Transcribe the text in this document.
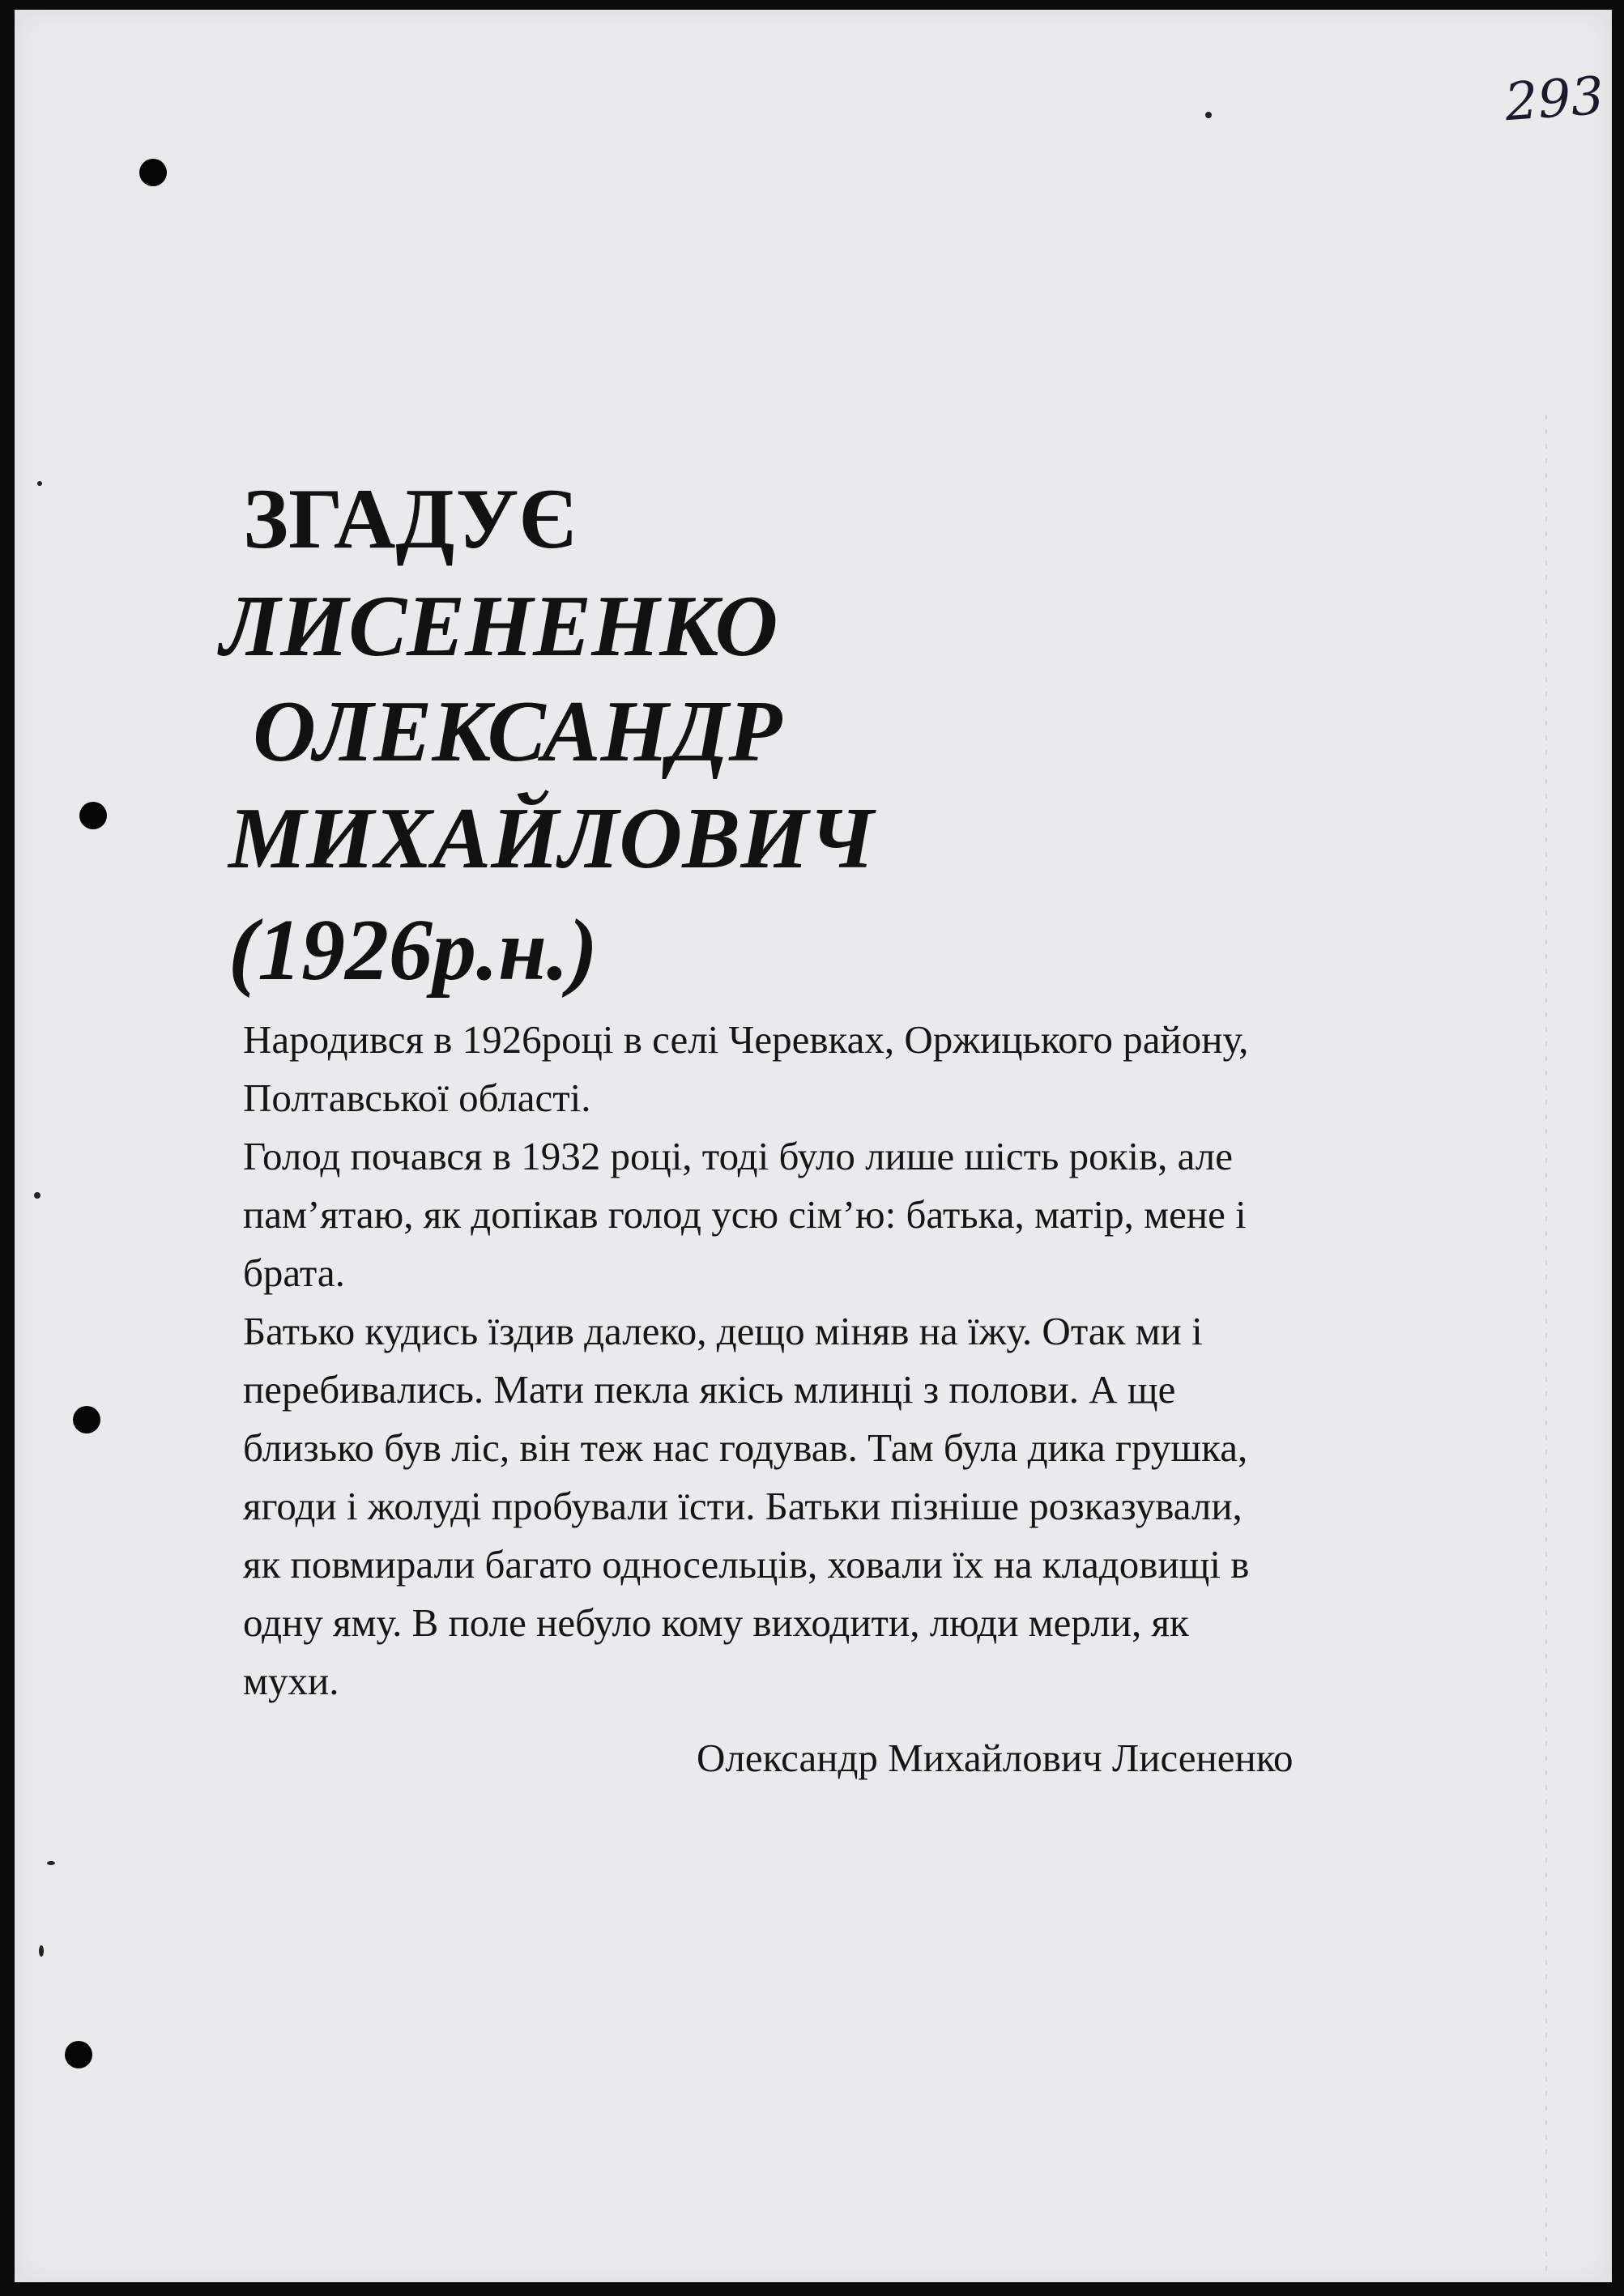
293
ЗГАДУЄ
ЛИСЕНЕНКО
ОЛЕКСАНДР
МИХАЙЛОВИЧ
(1926р.н.)

Народився в 1926році в селі Черевках, Оржицького району,

Полтавської області.

Голод почався в 1932 році, тоді було лише шість років, але

пам’ятаю, як допікав голод усю сім’ю: батька, матір, мене і

брата.

Батько кудись їздив далеко, дещо міняв на їжу. Отак ми і

перебивались. Мати пекла якісь млинці з полови. А ще

близько був ліс, він теж нас годував. Там була дика грушка,

ягоди і жолуді пробували їсти. Батьки пізніше розказували,

як повмирали багато односельців, ховали їх на кладовищі в

одну яму. В поле небуло кому виходити, люди мерли, як

мухи.

Олександр Михайлович Лисененко
